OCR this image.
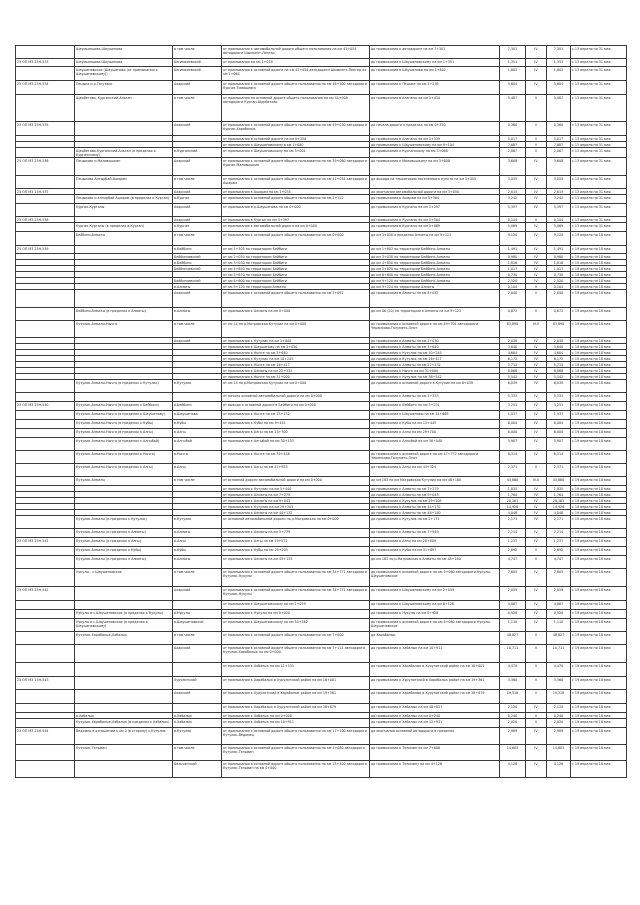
	Шаумьянцова-Шаушенова	в том числе	от примыкания к автомобильной дороге общего пользования на км 41+054 автодороги Шымкент-Ленгер	до примыкания к автодороге на км 7+301	7,301	IV	7,301	с 13 апреля по 31 мая
25 ОП МЗ 25Н-533	Шаумьянцова-Шаушенова	Бегимкеевский	от примыкания на км 1+059	до примыкания к Шаушеновскому на км 1+351	1,351	IV	1,351	с 13 апреля по 31 мая
	Шаушеновское (Шаушеново (от примыкания к Шаушеновскому))	Бегимкеевский	от примыкания к основной дороге на км 41+054 автодороги Шымкент-Ленгер на км 1+064	до примыкания в Шаушеново на км 1+802	1,802	IV	1,802	с 13 апреля по 31 мая
25 ОП МЗ 25Н-534	Пецыка и р.Тогузаки	Ахарский	от примыкания к основной дороге общего пользования на км 46+500 автодороги Курган-Тимашевск	до примыкания к Пецыке на км 5+276	5,604	IV	5,604	с 13 апреля по 31 мая
	Щербетово, Курганский-Алаган	в том числе	от примыкания на основной дороге общего пользования на км 44+909 автодороги Курган-Щербетово	до примыкания в Алаганы на км 5+434	5,487	V	5,487	с 13 апреля по 31 мая
25 ОП МЗ 25Н-535		Ахарский	от примыкания к основной дороге общего пользования на км 49+030 автодороги Курган-Харабалык	до начала дороги в пределах по км 0+350	0,360	V	0,360	с 13 апреля по 31 мая
			от примыкания в основной дороге на км 0+350	до примыкания в Алаганы на км 5+339	5,017	V	5,017	с 13 апреля по 31 мая
			от примыкания к Шаушеновскому в км 1+080	до примыкания к Шаушеновскому на км 9+104	7,687	V	7,687	с 13 апреля по 31 мая
	Щербетово-Курганский-Алаган (в пределах к Курганскому)	в.Курганский	от примыкания к Шаушеновскому на км 3+001	до примыкания к Курганскому на км 5+068	2,067	V	2,067	с 13 апреля по 31 мая
25 ОП МЗ 25Н-536	Пецыково и Маловышкин	Ахарский	от примыкания к основной дороге общего пользования на км 39+060 автодороги Курган-Маловышкин	до примыкания к Маловышкину на км 3+608	3,608	IV	3,608	с 13 апреля по 31 мая
	Пецыково-Алгырбай-Ашарам	в том числе	от примыкания к основной дороге общего пользования на км 41+054 автодороги Ашарам	до выхода на территорию населенного пункта на км 3+055	3,055	IV	3,055	с 13 апреля по 31 мая
25 ОП МЗ 25Н-537		Ахарский	от примыкания к Ашарам на км 1+035	до окончания автомобильной дороги на км 3+050	2,015	IV	2,015	с 13 апреля по 31 мая
	Пецыково и алгырбай-Ашарам (в пределах к Курган)	в.Курган	от примыкания к основной дороге общего пользования на км 2+122	до примыкания к Ашарам на км 5+364	3,242	IV	3,242	с 13 апреля по 31 мая
	Курган-Курганы	Ахарский	от примыкания в р.Шаушенова на км 0+000	до примыкания в Курганы на км 5+397	5,397	IV	5,397	с 13 апреля по 31 мая
25 ОП МЗ 25Н-538		Ахарский	от примыкания в Курган на км 5+397	до примыкания к Курганы на км 5+504	0,104	V	0,104	с 13 апреля по 31 мая
	Курган-Курганы (в пределах в.Курган)	в.Курган	от примыкания к автомобильной дороге на км 0+000	до примыкания в Курганы на км 5+069	5,069	IV	5,069	с 13 апреля по 31 мая
	Бейбиги-Алматы	в том числе	от примыкания к основной дороге общего пользования на км 0+000	до км 3+050 в пределах Алматы на км 9+121	9,120	IV	9,120	с 19 апреля по 18 мая
25 ОП МЗ 25Н-539		в.Бейбиги	от км 1+305 по территории Бейбиги	до км 1+603 по территории Бейбиги-Алматы	1,491	IV	1,491	с 19 апреля по 18 мая
		Бейбигиевский	от км 2+050 по территории Бейбиги	до км 3+030 по территории Бейбиги-Алматы	0,980	IV	0,980	с 19 апреля по 18 мая
		в.Бейбиги	от км 3+030 по территории Бейбиги	до км 4+850 по территории Бейбиги-Алматы	1,816	IV	1,816	с 19 апреля по 18 мая
		Бейбигиевский	от км 4+850 по территории Бейбиги	до км 5+870 по территории Бейбиги-Алматы	1,017	IV	1,017	с 19 апреля по 18 мая
			от км 5+870 по территории Бейбиги	до км 6+600 по территории Бейбиги-Алматы	0,730	IV	0,730	с 19 апреля по 18 мая
		Бейбигиевский	от км 6+600 по территории Бейбиги	до км 9+120 по территории Бейбиги-Алматы	2,520	IV	2,520	с 19 апреля по 18 мая
		в.Алматы	от км 9+120 по территории Алматы	до км 9+224 по территории Алматы	0,104	V	0,104	с 19 апреля по 18 мая
		Ахарский	от примыкания к основной дороге общего пользования на км 5+092	до примыкания в Алматы на км 8+032	2,840	V	2,840	с 19 апреля по 18 мая
	Бейбиги-Алматы (в пределах к Алматы)	в.Алматы	от примыкания к Алматы на км 0+000	до км 06 (20) по территории в Алматы на км 9+121	0,672	V	0,672	с 19 апреля по 18 мая
	Кутулик-Алматы-Нычга	в том числе	от км 14 по р.Матровская Кутулик на км 0+000	до примыкания к основной дороге на км 49+701 автодороги Черемхово-Голуметь-Онот	83,890	IV-V	83,890	с 19 апреля по 18 мая
		Ахарский	от примыкания к Кутулик на км 1+000	до примыкания к Алматы на км 2+030	2,030	IV	2,030	с 19 апреля по 18 мая
			от примыкания к Шаушенову на км 2+030	до примыкания к Алматы на км 5+640	3,640	IV	3,640	с 19 апреля по 18 мая
			от примыкания к Нычге на км 5+640	до примыкания к Кутулик на км 10+245	4,604	IV	4,604	с 19 апреля по 18 мая
			от примыкания к Кутулик на км 10+245	до примыкания в Кутулик на км 16+417	6,172	IV	6,172	с 19 апреля по 18 мая
			от примыкания к Нычге на км 16+417	до примыкания к Алматы на км 22+132	5,715	IV	5,715	с 19 апреля по 18 мая
			от примыкания к Алматы на км 22+132	до примыкания к Нычге на км 31+000	8,868	IV	8,868	с 19 апреля по 18 мая
			от примыкания к Нычге на км 31+000	до примыкания к Кутулик на км 36+542	5,542	IV	5,542	с 19 апреля по 18 мая
	Кутулик-Алматы-Нычга (в пределах к Кутулик)	в.Кутулик	от км 14 по р.Матровская Кутулик на км 0+000	до примыкания в основной дороге в Кутулик на км 6+039	6,039	IV	6,039	с 19 апреля по 18 мая
			от начала основной автомобильной дороги на км 0+000	до примыкания к Алматы на км 5+333	5,333	IV	5,333	с 19 апреля по 18 мая
25 ОП МЗ 25Н-540	Кутулик-Алматы-Нычга (в пределах к Бейбиги)	в.Бейбиги	от выхода к основной дороге в Бейбиги на км 0+000	до примыкания к Бейбиги на км 3+251	3,251	IV	3,251	с 19 апреля по 18 мая
	Кутулик-Алматы-Нычга (в пределах к Шаушенову)	в.Шаушенова	от примыкания к Нычге на км 13+132	до примыкания к Шаушеновы на км 14+669	1,537	IV	1,537	с 19 апреля по 18 мая
	Кутулик-Алматы-Нычга (в пределах к Кубы)	в.Кубы	от примыкания к Кубы на км 9+441	до примыкания к Кубы на км 15+445	6,004	IV	6,004	с 19 апреля по 18 мая
	Кутулик-Алматы-Нычга (в пределах к Алгы)	в.Алгы	от примыкания к Алгы на км 23+700	до примыкания к Алгы на км 29+700	6,000	IV	6,000	с 19 апреля по 18 мая
	Кутулик-Алматы-Нычга (в пределах к Алгыбай)	в.Алгыбай	от примыкания к Алгыбай на км 30+133	до примыкания к Алгыбай на км 36+040	5,907	IV	5,907	с 19 апреля по 18 мая
	Кутулик-Алматы-Нычга (в пределах к Нычга)	в.Нычга	от примыкания к Нычге на км 39+458	до примыкания к основной дороге на км 47+772 автодороги Черемхово-Голуметь-Онот	8,314	IV	8,314	с 19 апреля по 18 мая
	Кутулик-Алматы-Нычга (в пределах к Алгы)	в.Алгы	от примыкания к Алгы на км 41+953	до примыкания к Алгы на км 44+324	2,371	V	2,371	с 19 апреля по 18 мая
	Кутулик-Алматы	в том числе	от основной дороги автомобильной дороги на км 0+000	до км 183 по км Матровская Кутулик на км 48+180	43,860	IV-V	43,860	с 19 апреля по 18 мая
			от примыкания к Кутулик на км 5+444	до примыкания к Алматы на км 7+279	1,835	IV	1,835	с 19 апреля по 18 мая
			от примыкания к Алматы на км 7+279	до примыкания к Алматы на км 9+043	1,764	IV	1,764	с 19 апреля по 18 мая
			от примыкания к Алматы на км 9+043	до примыкания к Кутулик на км 29+205	20,161	IV	20,161	с 19 апреля по 18 мая
			от примыкания к Кутулик на км 29+205	до примыкания к Алматы на км 44+132	14,928	IV	14,928	с 19 апреля по 18 мая
			от примыкания к Алматы на км 44+132	до примыкания к Алматы на км 48+180	4,048	IV	4,048	с 19 апреля по 18 мая
	Кутулик-Алматы (в пределах к Кутулик)	в.Кутулик	от основной автомобильной дороги по р.Матровская на км 0+000	до примыкания к Кутулик на км 2+171	2,171	IV	2,171	с 19 апреля по 18 мая
	Кутулик-Алматы (в пределах к Алматы)	в.Алматы	от примыкания к Алматы на км 5+779	до примыкания к Алматы на км 7+949	2,214	IV	2,214	с 19 апреля по 18 мая
25 ОП МЗ 25Н-541	Кутулик-Алматы (в пределах к Алгы)	в.Алгы	от примыкания к Алгы на км 19+572	до примыкания к Алгы на км 20+809	1,237	IV	1,237	с 19 апреля по 18 мая
	Кутулик-Алматы (в пределах к Кубы)	в.Кубы	от примыкания к Кубы на км 29+205	до примыкания к Кубы на км 31+897	2,692	V	2,692	с 19 апреля по 18 мая
	Кутулик-Алматы (в пределах к Алматы)	в.Алматы	от примыкания к Алматы на км 43+133	до км 183 по р.Матровская в Алматы на км 48+180	4,747	V	4,747	с 19 апреля по 18 мая
	Нукулы - с.Шаушеновское	в том числе	от примыкания к основной дороге общего пользования на км 34+771 автодороги Кутулик-Нукулы	до примыкания к основной дороге на км 9+060 автодороги Нукулы-Шаушеновское	7,605	IV	7,605	с 19 апреля по 18 мая
25 ОП МЗ 25Н-542		Ахарский	от примыкания к основной дороге общего пользования на км 34+771 автодороги Кутулик-Нукулы	до примыкания к Шаушеновскому на км 2+059	2,059	IV	2,059	с 19 апреля по 18 мая
			от примыкания к Шаушеновскому на км 2+059	до примыкания к Шаушеновскому на км 6+126	4,067	IV	4,067	с 19 апреля по 18 мая
	Нукулы и с.Шаушеновское (в пределах к Нукулы)	в.Нукулы	от примыкания к Нукулы на км 0+000	до примыкания к Нукулы на км 0+928	0,928	IV	0,928	с 19 апреля по 18 мая
	Нукулы и с.Шаушеновское (в пределах к Шаушеновскому)	в.Шаушеновское	от примыкания к Шаушеновскому на км 34+562	до примыкания к основной дороге на км 9+060 автодороги Нукулы-Шаушеновское	1,110	IV	1,110	с 19 апреля по 18 мая
	Кутулик-Харабалык-Хабалык	в том числе	от примыкания к основной дороге общего пользования на км 7+000	до Харабалык	48,827	V	48,827	с 19 апреля по 18 мая
		Ахарский	от примыкания к основной дороге общего пользования на км 7+111 автодороги Кутулик-Харабалык на км 0+000	до примыкания к Хабалык на км 10+911	10,711	V	10,711	с 19 апреля по 18 мая
			от примыкания к Хабалык на км 11+531	до примыкания к Харабалык в Хурулитский район на км 16+001	4,470	V	4,470	с 19 апреля по 18 мая
25 ОП МЗ 25Н-543		Хурулитский	от примыкания к Харабалык в Хурулитский район на км 16+001	до примыкания к Хурулитский в Харабалык район на км 19+361	3,360	V	3,360	с 19 апреля по 18 мая
		Ахарский	от примыкания к Хурулитский в Харабалык район на км 19+361	до примыкания к Харабалык в Хурулитский район на км 38+879	19,518	V	19,518	с 19 апреля по 18 мая
			от примыкания к Харабалык в Хурулитский район на км 38+879	до примыкания к Хабалык на км 48+827	2,120	IV	2,120	с 19 апреля по 18 мая
	в.Хабалык	в.Хабалык	от примыкания к Хабалык на км 0+000	до примыкания к Хабалык на км 0+240	0,240	V	0,240	с 19 апреля по 18 мая
	Кутулик-Харабалык-Хабалык (в пределах к Хабалык)	в.Хабалык	от примыкания к Хабалык на км 10+911	до примыкания к Хабалык на км 12+931	2,020	V	2,020	с 19 апреля по 18 мая
25 ОП МЗ 25Н-544	Ведомец в отношении к км 0 (в сторону) с.Кутулик	в.Кутулик	от примыкания к основной дороге общего пользования на км 17+100 автодороги Кутулик-Ведомец	до окончания основной автодороги в пределах	2,989	IV	2,989	с 19 апреля по 18 мая
	Кутулик-Тельмин	в том числе	от примыкания к основной дороге общего пользования на км 4+080 автодороги Кутулик-Тельмин	до примыкания к Тельмин на км 7+608	14,603	IV	14,603	с 19 апреля по 18 мая
		Бельчанский	от примыкания в основной дороге общего пользования на км 13+300 автодороги Кутулик-Тельмин на км 0+000	до примыкания к Тельмину на км 4+126	4,126	IV	4,126	с 19 апреля по 18 мая
